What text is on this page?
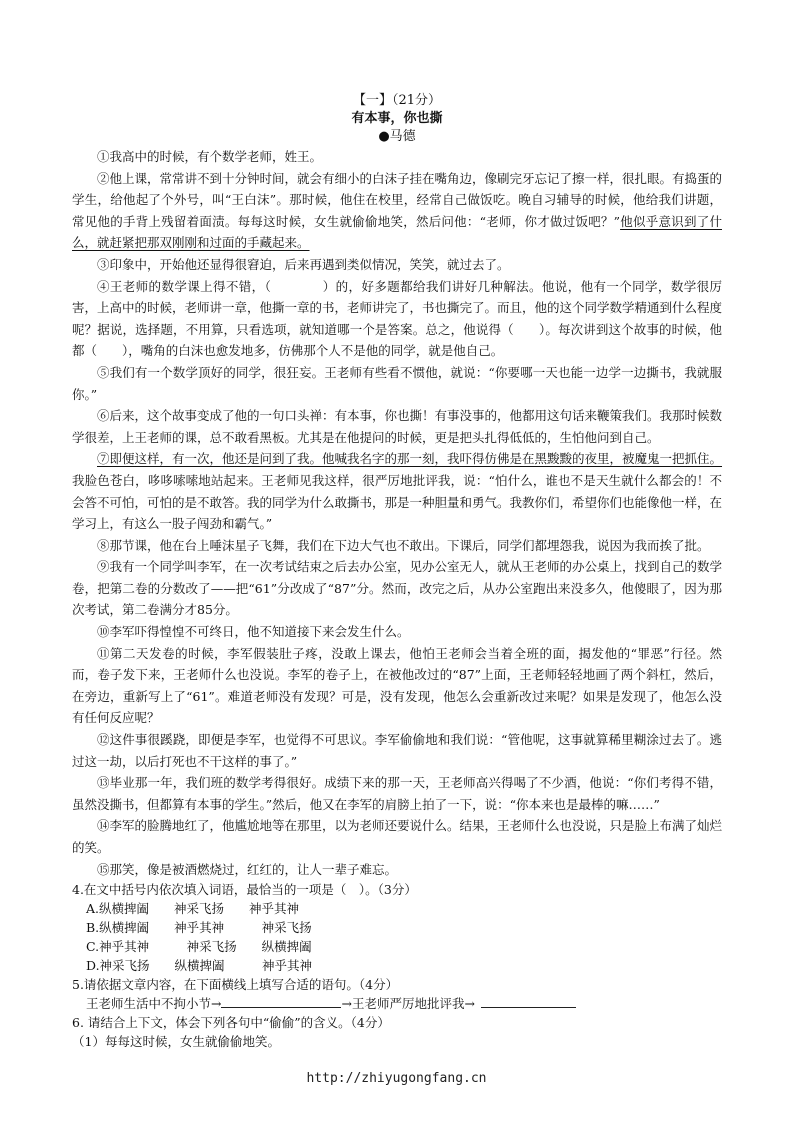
【一】（21分）
有本事，你也撕
●马德

①我高中的时候，有个数学老师，姓王。

②他上课，常常讲不到十分钟时间，就会有细小的白沫子挂在嘴角边，像刷完牙忘记了擦一样，很扎眼。有捣蛋的学生，给他起了个外号，叫“王白沫”。那时候，他住在校里，经常自己做饭吃。晚自习辅导的时候，他给我们讲题，常见他的手背上残留着面渍。每每这时候，女生就偷偷地笑，然后问他：“老师，你才做过饭吧？”他似乎意识到了什么，就赶紧把那双刚刚和过面的手藏起来。

③印象中，开始他还显得很窘迫，后来再遇到类似情况，笑笑，就过去了。

④王老师的数学课上得不错，（　　　　）的，好多题都给我们讲好几种解法。他说，他有一个同学，数学很厉害，上高中的时候，老师讲一章，他撕一章的书，老师讲完了，书也撕完了。而且，他的这个同学数学精通到什么程度呢？据说，选择题，不用算，只看选项，就知道哪一个是答案。总之，他说得（　　）。每次讲到这个故事的时候，他都（　　），嘴角的白沫也愈发地多，仿佛那个人不是他的同学，就是他自己。

⑤我们有一个数学顶好的同学，很狂妄。王老师有些看不惯他，就说：“你要哪一天也能一边学一边撕书，我就服你。”

⑥后来，这个故事变成了他的一句口头禅：有本事，你也撕！有事没事的，他都用这句话来鞭策我们。我那时候数学很差，上王老师的课，总不敢看黑板。尤其是在他提问的时候，更是把头扎得低低的，生怕他问到自己。

⑦即便这样，有一次，他还是问到了我。他喊我名字的那一刻，我吓得仿佛是在黑黢黢的夜里，被魔鬼一把抓住。我脸色苍白，哆哆嗦嗦地站起来。王老师见我这样，很严厉地批评我，说：“怕什么，谁也不是天生就什么都会的！不会答不可怕，可怕的是不敢答。我的同学为什么敢撕书，那是一种胆量和勇气。我教你们，希望你们也能像他一样，在学习上，有这么一股子闯劲和霸气。”

⑧那节课，他在台上唾沫星子飞舞，我们在下边大气也不敢出。下课后，同学们都埋怨我，说因为我而挨了批。

⑨我有一个同学叫李军，在一次考试结束之后去办公室，见办公室无人，就从王老师的办公桌上，找到自己的数学卷，把第二卷的分数改了——把“61”分改成了“87”分。然而，改完之后，从办公室跑出来没多久，他傻眼了，因为那次考试，第二卷满分才85分。

⑩李军吓得惶惶不可终日，他不知道接下来会发生什么。

⑪第二天发卷的时候，李军假装肚子疼，没敢上课去，他怕王老师会当着全班的面，揭发他的“罪恶”行径。然而，卷子发下来，王老师什么也没说。李军的卷子上，在被他改过的“87”上面，王老师轻轻地画了两个斜杠，然后，在旁边，重新写上了“61”。难道老师没有发现？可是，没有发现，他怎么会重新改过来呢？如果是发现了，他怎么没有任何反应呢？

⑫这件事很蹊跷，即便是李军，也觉得不可思议。李军偷偷地和我们说：“管他呢，这事就算稀里糊涂过去了。逃过这一劫，以后打死也不干这样的事了。”

⑬毕业那一年，我们班的数学考得很好。成绩下来的那一天，王老师高兴得喝了不少酒，他说：“你们考得不错，虽然没撕书，但都算有本事的学生。”然后，他又在李军的肩膀上拍了一下，说：“你本来也是最棒的嘛……”

⑭李军的脸腾地红了，他尴尬地等在那里，以为老师还要说什么。结果，王老师什么也没说，只是脸上布满了灿烂的笑。

⑮那笑，像是被酒燃烧过，红红的，让人一辈子难忘。

4.在文中括号内依次填入词语，最恰当的一项是（　）。（3分）

A.纵横捭阖　　神采飞扬　　神乎其神

B.纵横捭阖　　神乎其神　　　神采飞扬

C.神乎其神　　　神采飞扬　　纵横捭阖

D.神采飞扬　　纵横捭阖　　　神乎其神

5.请依据文章内容，在下面横线上填写合适的语句。（4分）

王老师生活中不拘小节→	→王老师严厉地批评我→

6. 请结合上下文，体会下列各句中“偷偷”的含义。（4分）

（1）每每这时候，女生就偷偷地笑。

http://zhiyugongfang.cn
